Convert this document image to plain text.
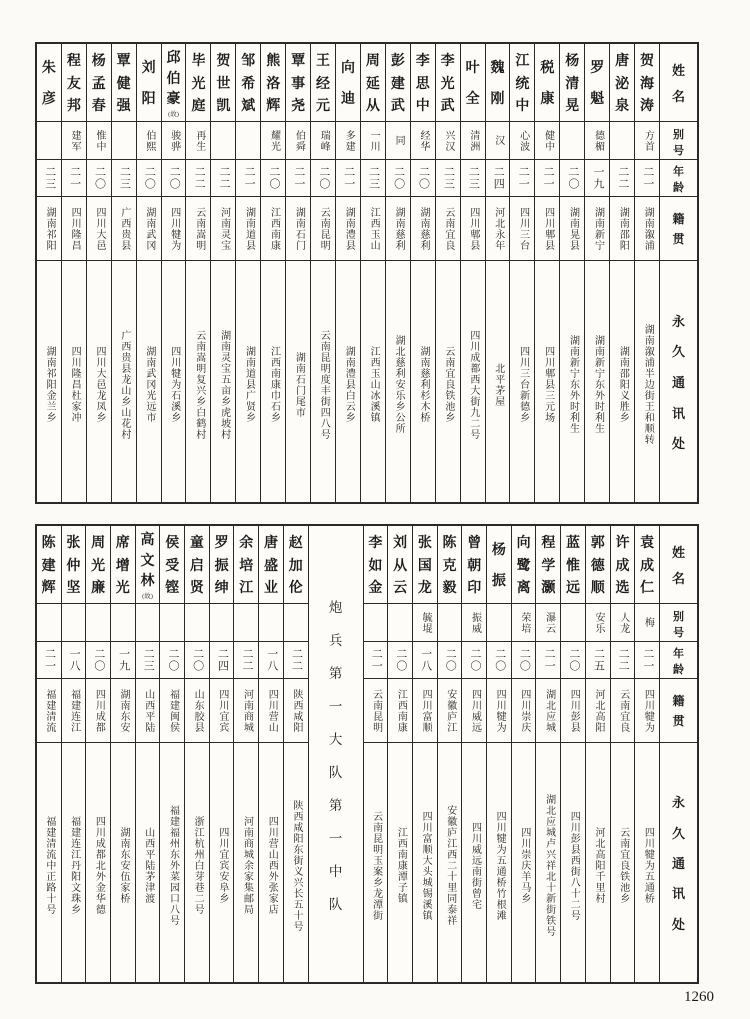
姓
名
别
号
年
龄
籍
贯
永
久
通
讯
处
贺
海
涛
方首
二一
湖南溆浦
湖南溆浦半边街王和顺转
唐
泌
泉
二二
湖南邵阳
湖南邵阳义胜乡
罗
魁
德楣
一九
湖南新宁
湖南新宁东外时利生
杨
清
晃
二〇
湖南晃县
湖南新宁东外时利生
税
康
健中
二一
四川郫县
四川郫县三元场
江
统
中
心波
二一
四川三台
四川三台新德乡
魏
刚
汉
二四
河北永年
北平茅屋
叶
全
清洲
二三
四川郫县
四川成都西大街九二号
李
光
武
兴汉
二三
云南宜良
云南宜良铁池乡
李
思
中
经华
二〇
湖南慈利
湖南慈利杉木桥
彭
建
武
同
二〇
湖南慈利
湖北慈利安乐乡公所
周
延
从
一川
二三
江西玉山
江西玉山冰溪镇
向
迪
多建
二一
湖南澧县
湖南澧县白云乡
王
经
元
瑞峰
二〇
云南昆明
云南昆明度丰街四八号
覃
事
尧
伯舜
二一
湖南石门
湖南石门尾市
熊
洛
辉
耀光
二〇
江西南康
江西南康巾石乡
邹
希
斌
二一
湖南道县
湖南道县广贤乡
贺
世
凯
二二
河南灵宝
湖南灵宝五亩乡虎坡村
毕
光
庭
再生
二二
云南嵩明
云南嵩明复兴乡白鹤村
邱
伯
豪
(故)
骏骅
二〇
四川犍为
四川犍为石溪乡
刘
阳
伯熙
二〇
湖南武冈
湖南武冈光远市
覃
健
强
二三
广西贵县
广西贵县龙山乡山花村
杨
孟
春
惟中
二〇
四川大邑
四川大邑龙凤乡
程
友
邦
建军
二一
四川隆昌
四川隆昌杜家冲
朱
彦
二三
湖南祁阳
湖南祁阳金兰乡
姓
名
别
号
年
龄
籍
贯
永
久
通
讯
处
袁
成
仁
梅
二一
四川犍为
四川犍为五通桥
许
成
选
人龙
二二
云南宜良
云南宜良铁池乡
郭
德
顺
安乐
二五
河北高阳
河北高阳千里村
蓝
惟
远
二〇
四川彭县
四川彭县西街八十二号
程
学
灏
瀑云
二一
湖北应城
湖北应城卢兴祥北十新街铁号
向
鹭
离
荣培
二〇
四川崇庆
四川崇庆羊马乡
杨
振
二〇
四川犍为
四川犍为五通桥竹根滩
曾
朝
印
振威
二〇
四川威远
四川威远南街曾宅
陈
克
毅
二〇
安徽庐江
安徽庐江西二十里同泰祥
张
国
龙
毓堒
一八
四川富顺
四川富顺大头城锡溪镇
刘
从
云
二〇
江西南康
江西南康潭子镇
李
如
金
二一
云南昆明
云南昆明玉案乡龙潭街
炮
兵
第
一
大
队
第
一
中
队
赵
加
伦
二二
陕西咸阳
陕西咸阳东街义兴长五十号
唐
盛
业
一八
四川营山
四川营山西外张家店
余
培
江
二二
河南商城
河南商城余家集邮局
罗
振
绅
二四
四川宜宾
四川宜宾安阜乡
童
启
贤
二〇
山东胶县
浙江杭州白芽巷二号
侯
受
铿
二〇
福建闽侯
福建福州东外菜园口八号
高
文
林
(故)
二三
山西平陆
山西平陆茅津渡
席
增
光
一九
湖南东安
湖南东安伍家桥
周
光
廉
二〇
四川成都
四川成都北外金华德
张
仲
坚
一八
福建连江
福建连江丹阳文珠乡
陈
建
辉
二一
福建清流
福建清流中正路十号
1260
